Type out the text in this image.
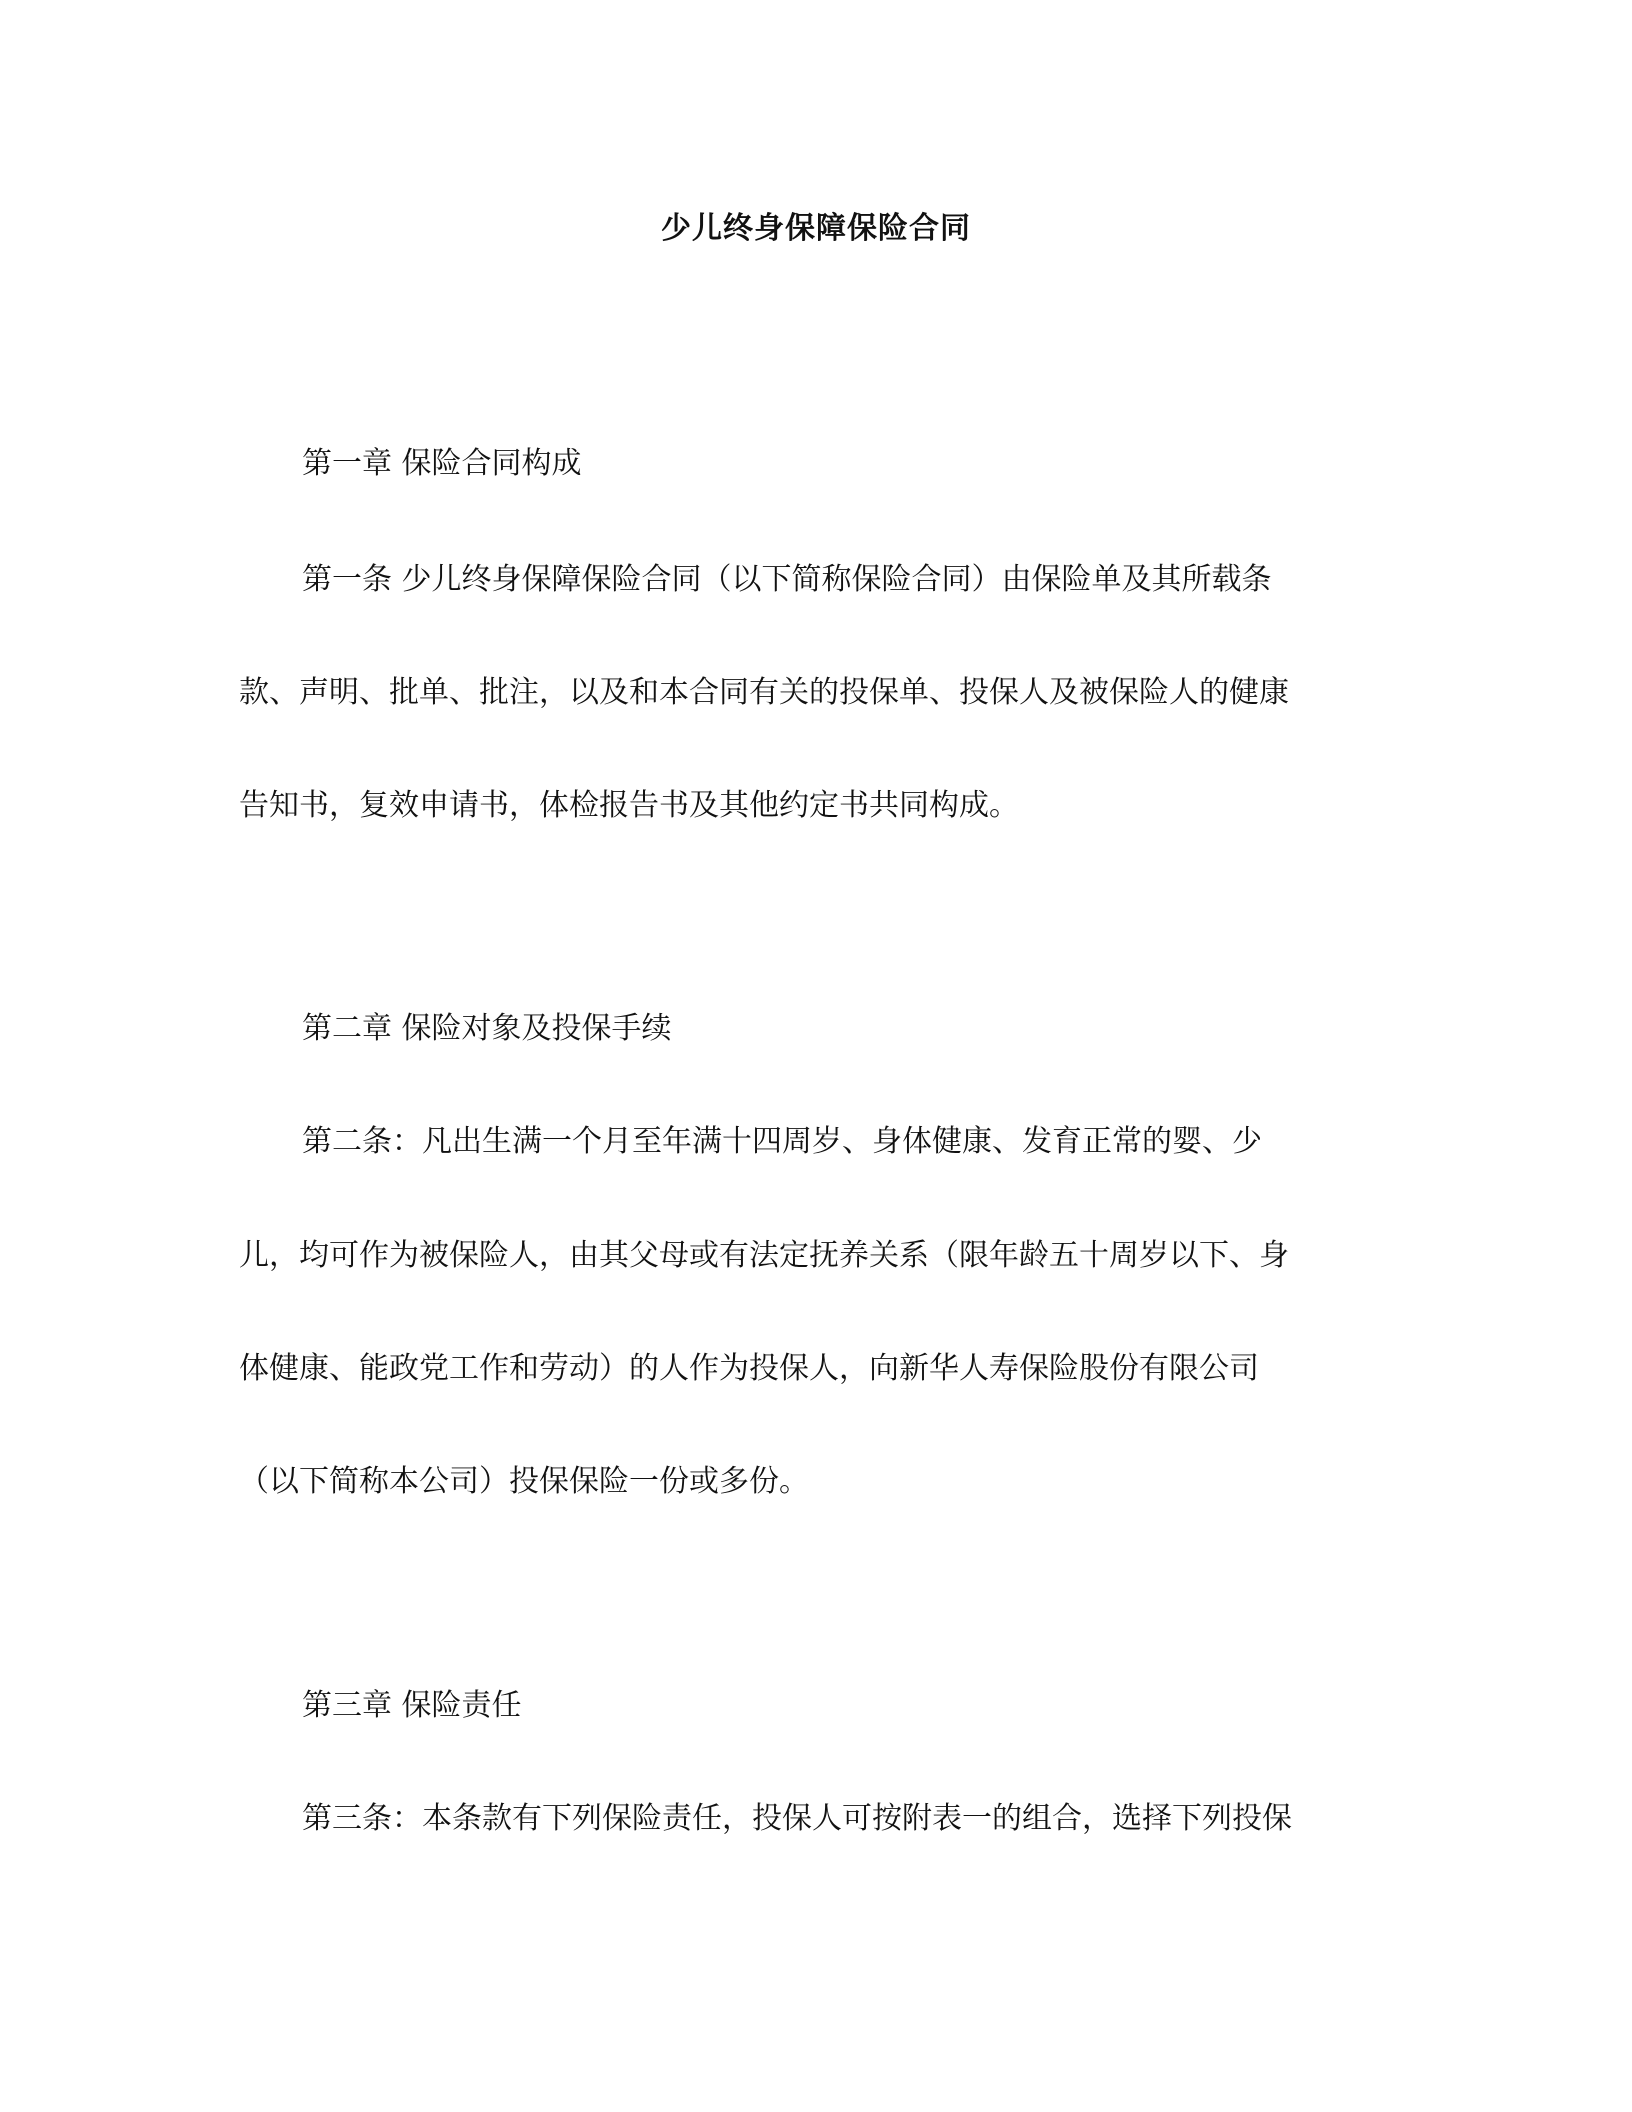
少儿终身保障保险合同
第一章 保险合同构成
第一条 少儿终身保障保险合同（以下简称保险合同）由保险单及其所载条
款、声明、批单、批注，以及和本合同有关的投保单、投保人及被保险人的健康
告知书，复效申请书，体检报告书及其他约定书共同构成。
第二章 保险对象及投保手续
第二条：凡出生满一个月至年满十四周岁、身体健康、发育正常的婴、少
儿，均可作为被保险人，由其父母或有法定抚养关系（限年龄五十周岁以下、身
体健康、能政党工作和劳动）的人作为投保人，向新华人寿保险股份有限公司
（以下简称本公司）投保保险一份或多份。
第三章 保险责任
第三条：本条款有下列保险责任，投保人可按附表一的组合，选择下列投保
